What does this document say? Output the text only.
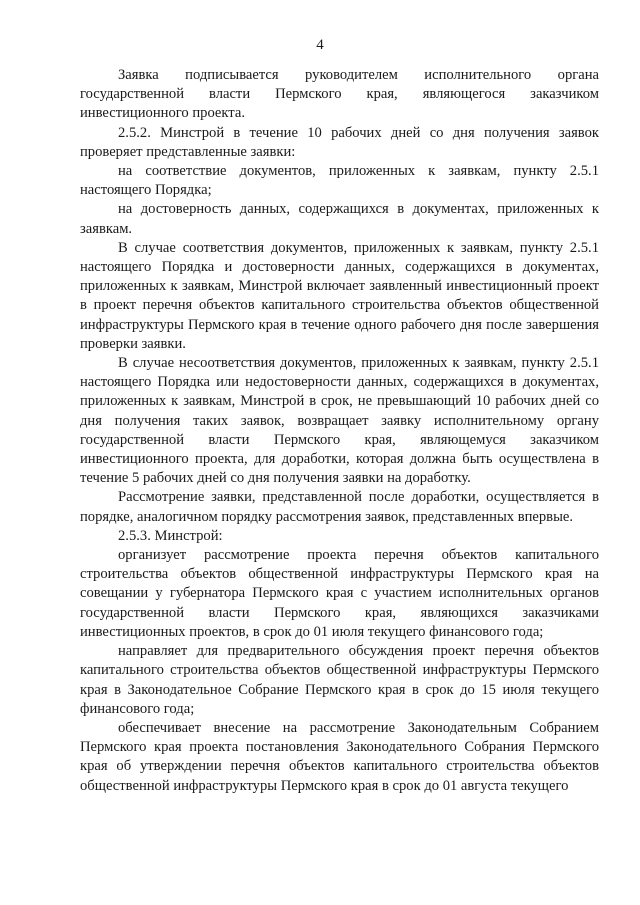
4

Заявка подписывается руководителем исполнительного органа государственной власти Пермского края, являющегося заказчиком инвестиционного проекта.

2.5.2. Минстрой в течение 10 рабочих дней со дня получения заявок проверяет представленные заявки:

на соответствие документов, приложенных к заявкам, пункту 2.5.1 настоящего Порядка;

на достоверность данных, содержащихся в документах, приложенных к заявкам.

В случае соответствия документов, приложенных к заявкам, пункту 2.5.1 настоящего Порядка и достоверности данных, содержащихся в документах, приложенных к заявкам, Минстрой включает заявленный инвестиционный проект в проект перечня объектов капитального строительства объектов общественной инфраструктуры Пермского края в течение одного рабочего дня после завершения проверки заявки.

В случае несоответствия документов, приложенных к заявкам, пункту 2.5.1 настоящего Порядка или недостоверности данных, содержащихся в документах, приложенных к заявкам, Минстрой в срок, не превышающий 10 рабочих дней со дня получения таких заявок, возвращает заявку исполнительному органу государственной власти Пермского края, являющемуся заказчиком инвестиционного проекта, для доработки, которая должна быть осуществлена в течение 5 рабочих дней со дня получения заявки на доработку.

Рассмотрение заявки, представленной после доработки, осуществляется в порядке, аналогичном порядку рассмотрения заявок, представленных впервые.

2.5.3. Минстрой:

организует рассмотрение проекта перечня объектов капитального строительства объектов общественной инфраструктуры Пермского края на совещании у губернатора Пермского края с участием исполнительных органов государственной власти Пермского края, являющихся заказчиками инвестиционных проектов, в срок до 01 июля текущего финансового года;

направляет для предварительного обсуждения проект перечня объектов капитального строительства объектов общественной инфраструктуры Пермского края в Законодательное Собрание Пермского края в срок до 15 июля текущего финансового года;

обеспечивает внесение на рассмотрение Законодательным Собранием Пермского края проекта постановления Законодательного Собрания Пермского края об утверждении перечня объектов капитального строительства объектов общественной инфраструктуры Пермского края в срок до 01 августа текущего
